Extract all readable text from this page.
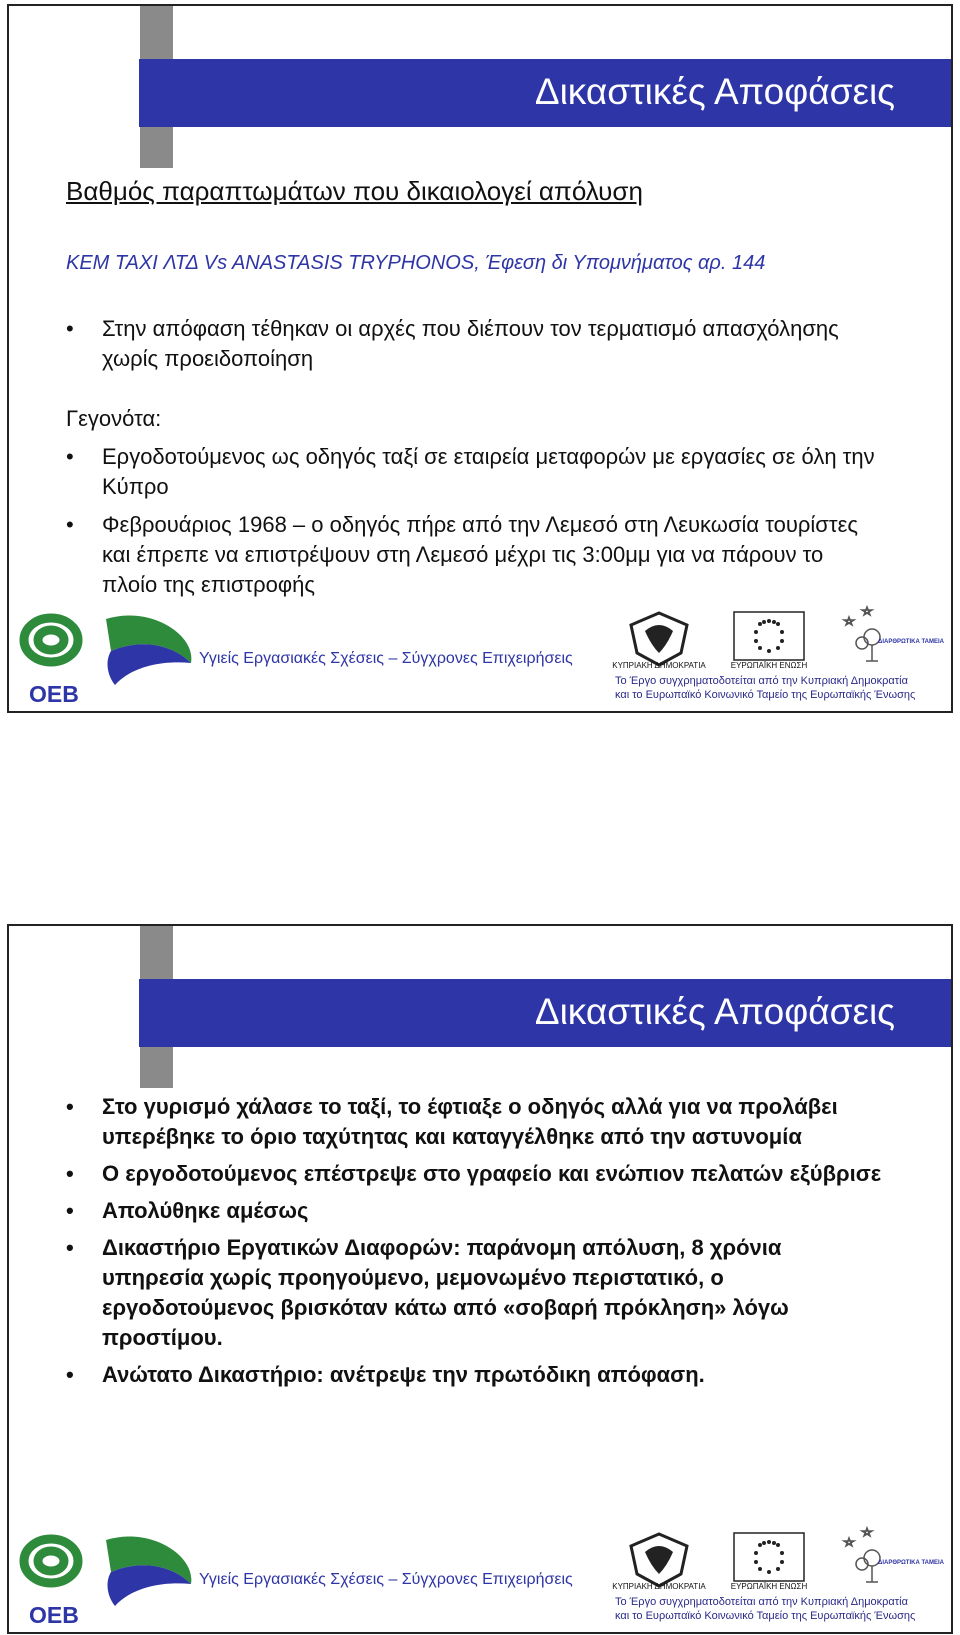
Δικαστικές Αποφάσεις
Βαθμός παραπτωμάτων που δικαιολογεί απόλυση
KEM TAXI ΛΤΔ Vs ANASTASIS TRYPHONOS, Έφεση δι Υπομνήματος αρ. 144
• Στην απόφαση τέθηκαν οι αρχές που διέπουν τον τερματισμό απασχόλησης χωρίς προειδοποίηση
Γεγονότα:
• Εργοδοτούμενος ως οδηγός ταξί σε εταιρεία μεταφορών με εργασίες σε όλη την Κύπρο
• Φεβρουάριος 1968 – ο οδηγός πήρε από την Λεμεσό στη Λευκωσία τουρίστες και έπρεπε να επιστρέψουν στη Λεμεσό μέχρι τις 3:00μμ για να πάρουν το πλοίο της επιστροφής
OEB
Υγιείς Εργασιακές Σχέσεις – Σύγχρονες Επιχειρήσεις	ΚΥΠΡΙΑΚΗ ΔΗΜΟΚΡΑΤΙΑ	ΕΥΡΩΠΑΪΚΗ ΕΝΩΣΗ
ΔΙΑΡΘΡΩΤΙΚΑ ΤΑΜΕΙΑ
Το Έργο συγχρηματοδοτείται από την Κυπριακή Δημοκρατία
και το Ευρωπαϊκό Κοινωνικό Ταμείο της Ευρωπαϊκής Ένωσης
Δικαστικές Αποφάσεις
• Στο γυρισμό χάλασε το ταξί, το έφτιαξε ο οδηγός αλλά για να προλάβει υπερέβηκε το όριο ταχύτητας και καταγγέλθηκε από την αστυνομία
• Ο εργοδοτούμενος επέστρεψε στο γραφείο και ενώπιον πελατών εξύβρισε
• Απολύθηκε αμέσως
• Δικαστήριο Εργατικών Διαφορών: παράνομη απόλυση, 8 χρόνια υπηρεσία χωρίς προηγούμενο, μεμονωμένο περιστατικό, ο εργοδοτούμενος βρισκόταν κάτω από «σοβαρή πρόκληση» λόγω προστίμου.
• Ανώτατο Δικαστήριο: ανέτρεψε την πρωτόδικη απόφαση.
OEB
Υγιείς Εργασιακές Σχέσεις – Σύγχρονες Επιχειρήσεις	ΚΥΠΡΙΑΚΗ ΔΗΜΟΚΡΑΤΙΑ	ΕΥΡΩΠΑΪΚΗ ΕΝΩΣΗ
ΔΙΑΡΘΡΩΤΙΚΑ ΤΑΜΕΙΑ
Το Έργο συγχρηματοδοτείται από την Κυπριακή Δημοκρατία
και το Ευρωπαϊκό Κοινωνικό Ταμείο της Ευρωπαϊκής Ένωσης
